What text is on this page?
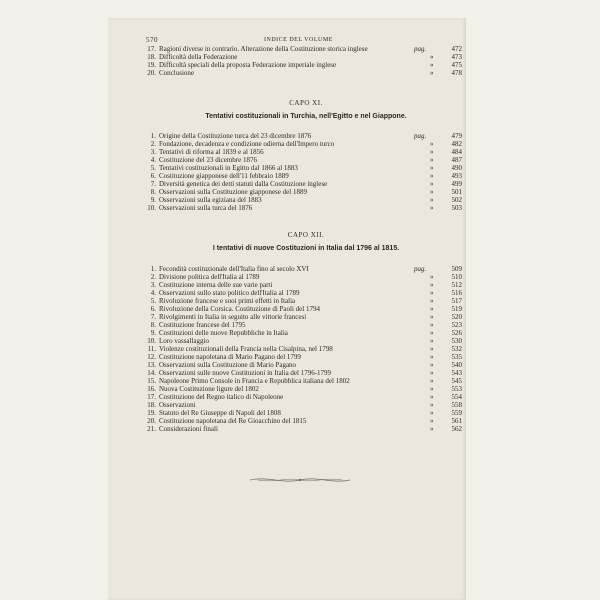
570	INDICE DEL VOLUME
17. Ragioni diverse in contrario. Alterazione della Costituzione storica inglese	pag.	472
18. Difficoltà della Federazione	473
»
19. Difficoltà speciali della proposta Federazione imperiale inglese	475
»
20. Conclusione	478
»
CAPO XI.
Tentativi costituzionali in Turchia, nell'Egitto e nel Giappone.
1. Origine della Costituzione turca del 23 dicembre 1876	pag.	479
2. Fondazione, decadenza e condizione odierna dell'Impero turco	482
»
3. Tentativi di riforma al 1839 e al 1856	484
»
4. Costituzione del 23 dicembre 1876	487
»
5. Tentativi costituzionali in Egitto dal 1866 al 1883	490
»
6. Costituzione giapponese dell'11 febbraio 1889	493
»
7. Diversità genetica dei detti statuti dalla Costituzione inglese	499
»
8. Osservazioni sulla Costituzione giapponese del 1889	501
»
9. Osservazioni sulla egiziana del 1883	502
»
10. Osservazioni sulla turca del 1876	503
»
CAPO XII.
I tentativi di nuove Costituzioni in Italia dal 1796 al 1815.
1. Fecondità costituzionale dell'Italia fino al secolo XVI	pag.	509
2. Divisione politica dell'Italia al 1789	510
»
3. Costituzione interna delle sue varie parti	512
»
4. Osservazioni sullo stato politico dell'Italia al 1789	516
»
5. Rivoluzione francese e suoi primi effetti in Italia	517
»
6. Rivoluzione della Corsica. Costituzione di Paoli del 1794	519
»
7. Rivolgimenti in Italia in seguito alle vittorie francesi	520
»
8. Costituzione francese del 1795	523
»
9. Costituzioni delle nuove Repubbliche in Italia	526
»
10. Loro vassallaggio	530
»
11. Violenze costituzionali della Francia nella Cisalpina, nel 1798	532
»
12. Costituzione napoletana di Mario Pagano del 1799	535
»
13. Osservazioni sulla Costituzione di Mario Pagano	540
»
14. Osservazioni sulle nuove Costituzioni in Italia del 1796-1799	543
»
15. Napoleone Primo Console in Francia e Repubblica italiana del 1802	545
»
16. Nuova Costituzione ligure del 1802	553
»
17. Costituzione del Regno italico di Napoleone	554
»
18. Osservazioni	558
»
19. Statuto del Re Giuseppe di Napoli del 1808	559
»
20. Costituzione napoletana del Re Gioacchino del 1815	561
»
21. Considerazioni finali	562
»
